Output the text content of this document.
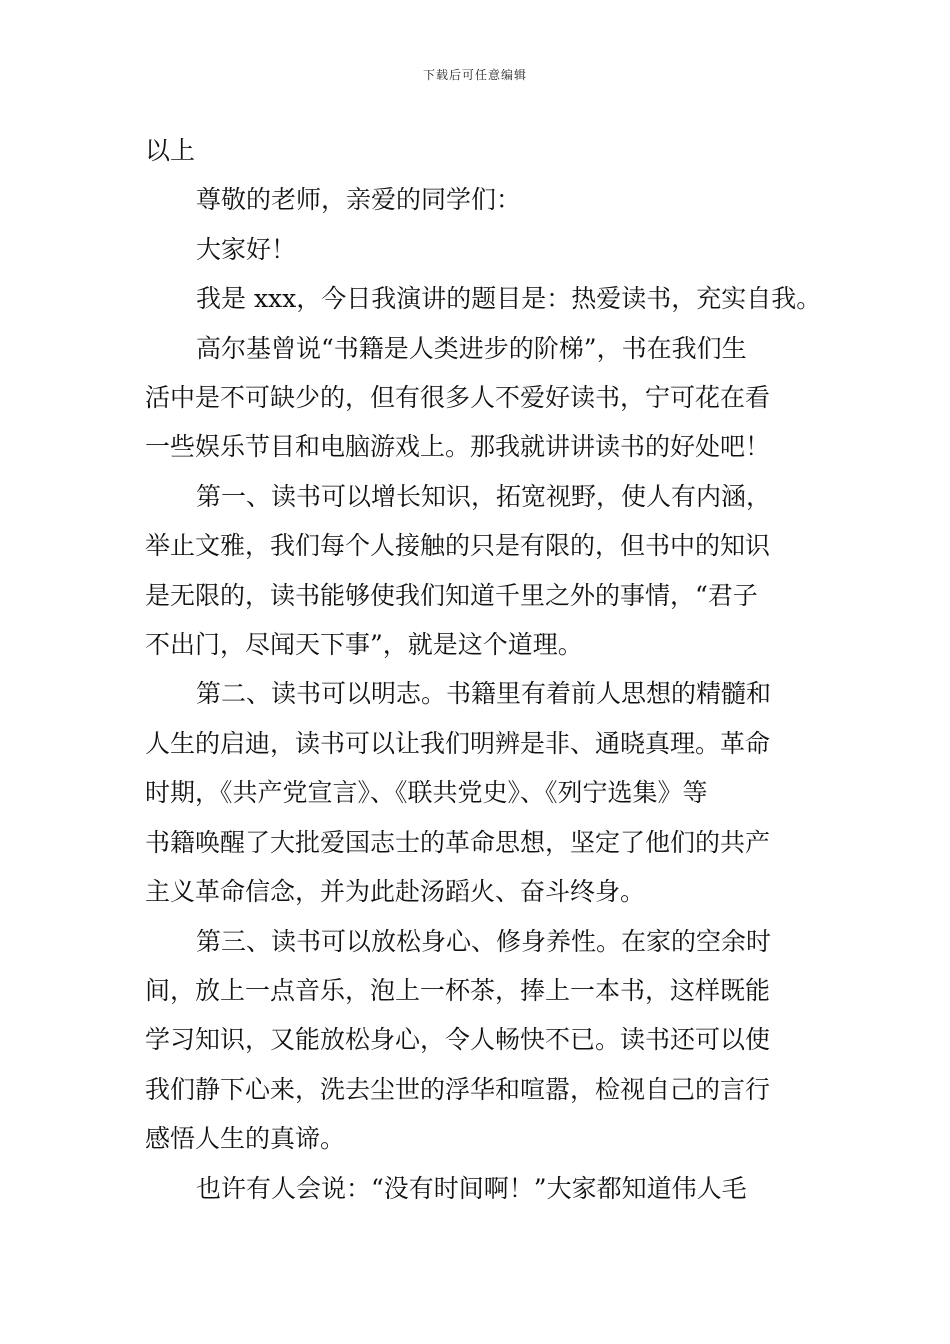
下载后可任意编辑

以上

尊敬的老师，亲爱的同学们：

大家好！

我是 xxx，今日我演讲的题目是：热爱读书，充实自我。

高尔基曾说“书籍是人类进步的阶梯”，书在我们生

活中是不可缺少的，但有很多人不爱好读书，宁可花在看

一些娱乐节目和电脑游戏上。那我就讲讲读书的好处吧！

第一、读书可以增长知识，拓宽视野，使人有内涵，

举止文雅，我们每个人接触的只是有限的，但书中的知识

是无限的，读书能够使我们知道千里之外的事情，“君子

不出门，尽闻天下事”，就是这个道理。

第二、读书可以明志。书籍里有着前人思想的精髓和

人生的启迪，读书可以让我们明辨是非、通晓真理。革命

时期，《共产党宣言》、《联共党史》、《列宁选集》等

书籍唤醒了大批爱国志士的革命思想，坚定了他们的共产

主义革命信念，并为此赴汤蹈火、奋斗终身。

第三、读书可以放松身心、修身养性。在家的空余时

间，放上一点音乐，泡上一杯茶，捧上一本书，这样既能

学习知识，又能放松身心，令人畅快不已。读书还可以使

我们静下心来，洗去尘世的浮华和喧嚣，检视自己的言行

感悟人生的真谛。

也许有人会说：“没有时间啊！”大家都知道伟人毛
